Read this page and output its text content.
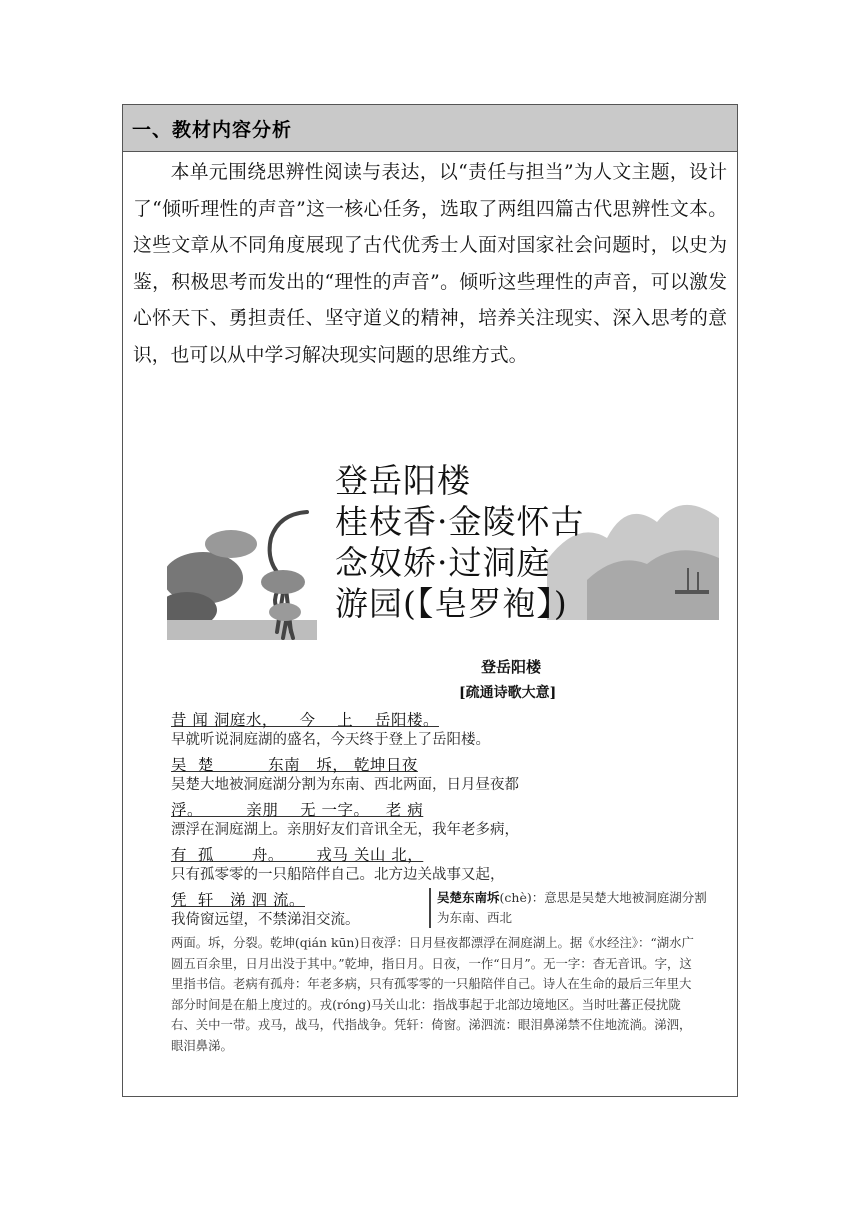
一、教材内容分析

本单元围绕思辨性阅读与表达，以“责任与担当”为人文主题，设计了“倾听理性的声音”这一核心任务，选取了两组四篇古代思辨性文本。这些文章从不同角度展现了古代优秀士人面对国家社会问题时，以史为鉴，积极思考而发出的“理性的声音”。倾听这些理性的声音，可以激发心怀天下、勇担责任、坚守道义的精神，培养关注现实、深入思考的意识，也可以从中学习解决现实问题的思维方式。

登岳阳楼
桂枝香·金陵怀古
念奴娇·过洞庭
游园(【皂罗袍】)
登岳阳楼
[疏通诗歌大意]
昔 闻 洞庭水，    今    上    岳阳楼。
早就听说洞庭湖的盛名，今天终于登上了岳阳楼。
吴  楚          东南   坼， 乾坤日夜
吴楚大地被洞庭湖分割为东南、西北两面，日月昼夜都
浮。        亲朋    无 一字。   老 病
漂浮在洞庭湖上。亲朋好友们音讯全无，我年老多病，
有  孤       舟。      戎马 关山 北，
只有孤零零的一只船陪伴自己。北方边关战事又起，
凭  轩   涕 泗 流。
我倚窗远望，不禁涕泪交流。
吴楚东南坼(chè)：意思是吴楚大地被洞庭湖分割为东南、西北

两面。坼，分裂。乾坤(qián kūn)日夜浮：日月昼夜都漂浮在洞庭湖上。据《水经注》：“湖水广圆五百余里，日月出没于其中。”乾坤，指日月。日夜，一作“日月”。无一字：杳无音讯。字，这里指书信。老病有孤舟：年老多病，只有孤零零的一只船陪伴自己。诗人在生命的最后三年里大部分时间是在船上度过的。戎(róng)马关山北：指战事起于北部边境地区。当时吐蕃正侵扰陇右、关中一带。戎马，战马，代指战争。凭轩：倚窗。涕泗流：眼泪鼻涕禁不住地流淌。涕泗，眼泪鼻涕。
